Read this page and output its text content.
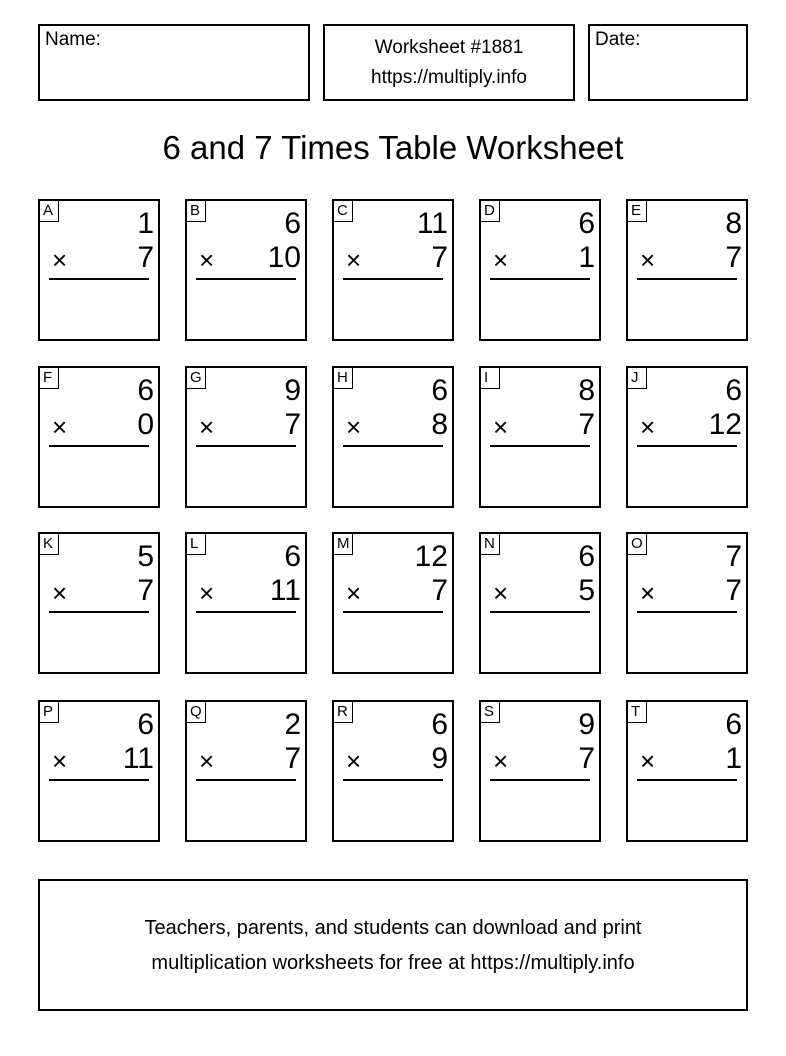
Name:	Worksheet #1881
https://multiply.info
Date:
6 and 7 Times Table Worksheet
A	1
× 7
B	6
× 10
C 11
× 7
D	6
× 1
E	8
× 7
F	6
× 0
G	9
× 7
H	6
× 8
I	8
× 7
J	6
× 12
K	5
× 7
L	6
× 11
M 12
× 7
N	6
× 5
O	7
× 7
P	6
× 11
Q	2
× 7
R	6
× 9
S	9
× 7
T	6
× 1
Teachers, parents, and students can download and print
multiplication worksheets for free at https://multiply.info
